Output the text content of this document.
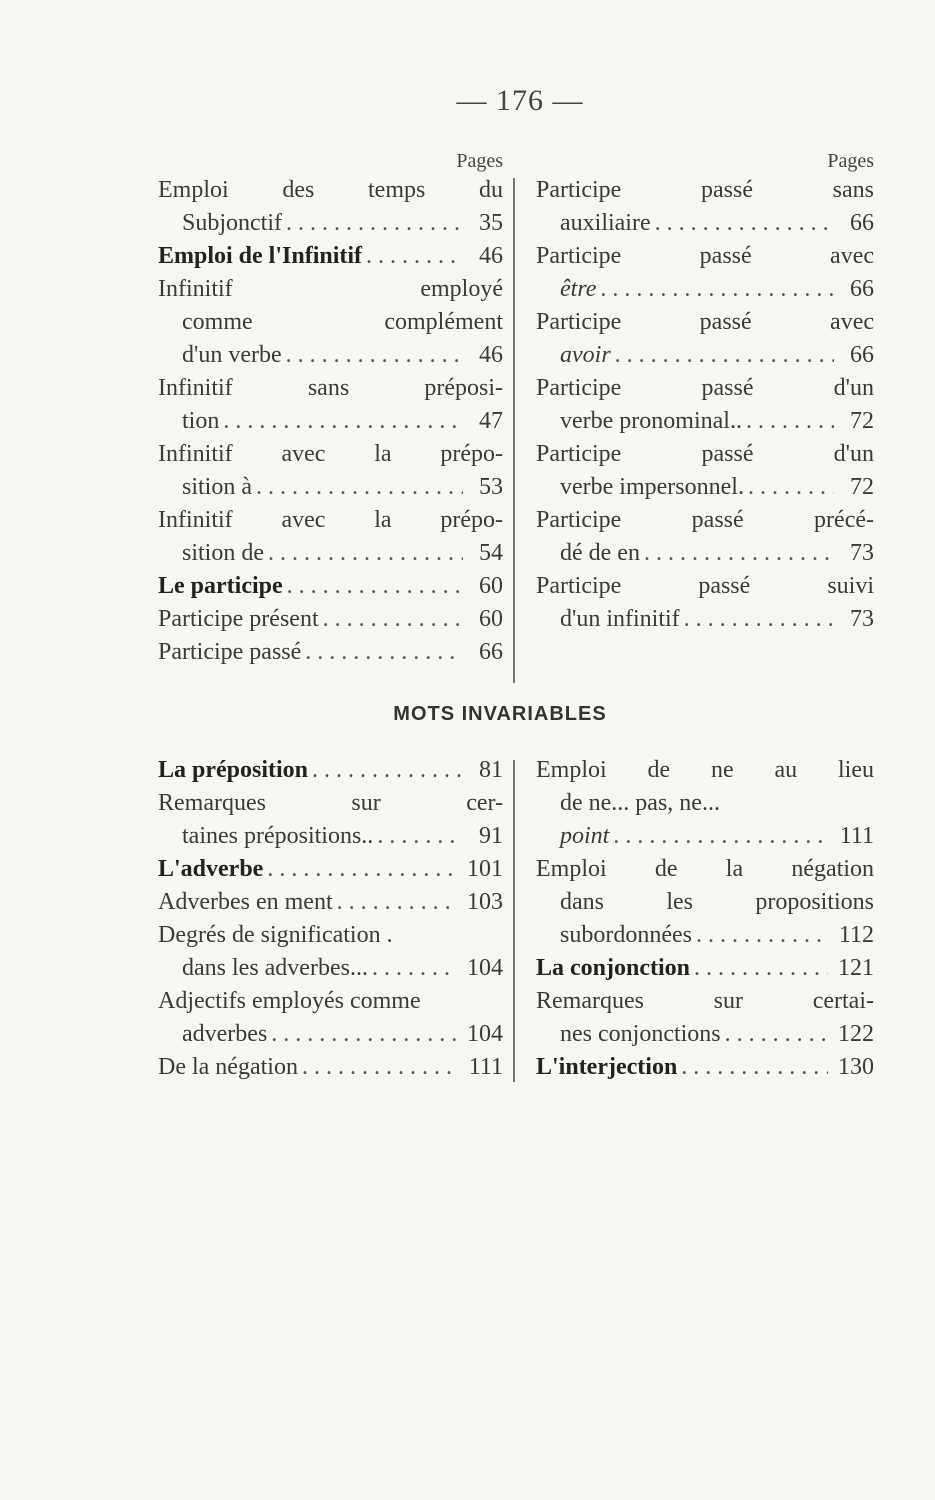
— 176 —
Pages
Emploi des temps du
Subjonctif . . .	35
Emploi de l'Infinitif . . .	46
Infinitif employé
comme complément
d'un verbe . . .	46
Infinitif sans préposi-
tion . . .	47
Infinitif avec la prépo-
sition à . . .	53
Infinitif avec la prépo-
sition de . . .	54
Le participe . . .	60
Participe présent . . .	60
Participe passé . . .	66
Pages
Participe passé sans
auxiliaire . . .	66
Participe passé avec
être . . .	66
Participe passé avec
avoir . . .	66
Participe passé d'un
verbe pronominal.. . . .	72
Participe passé d'un
verbe impersonnel. . . .	72
Participe passé précé-
dé de en . . .	73
Participe passé suivi
d'un infinitif . . .	73
MOTS INVARIABLES
La préposition . . .	81
Remarques sur cer-
taines prépositions.. . . .	91
L'adverbe . . .	101
Adverbes en ment . . .	103
Degrés de signification .
dans les adverbes... . . .	104
Adjectifs employés comme
adverbes . . .	104
De la négation . . .	111
Emploi de ne au lieu
de ne... pas, ne...
point . . .	111
Emploi de la négation
dans les propositions
subordonnées . . .	112
La conjonction . . .	121
Remarques sur certai-
nes conjonctions . . .	122
L'interjection . . .	130
